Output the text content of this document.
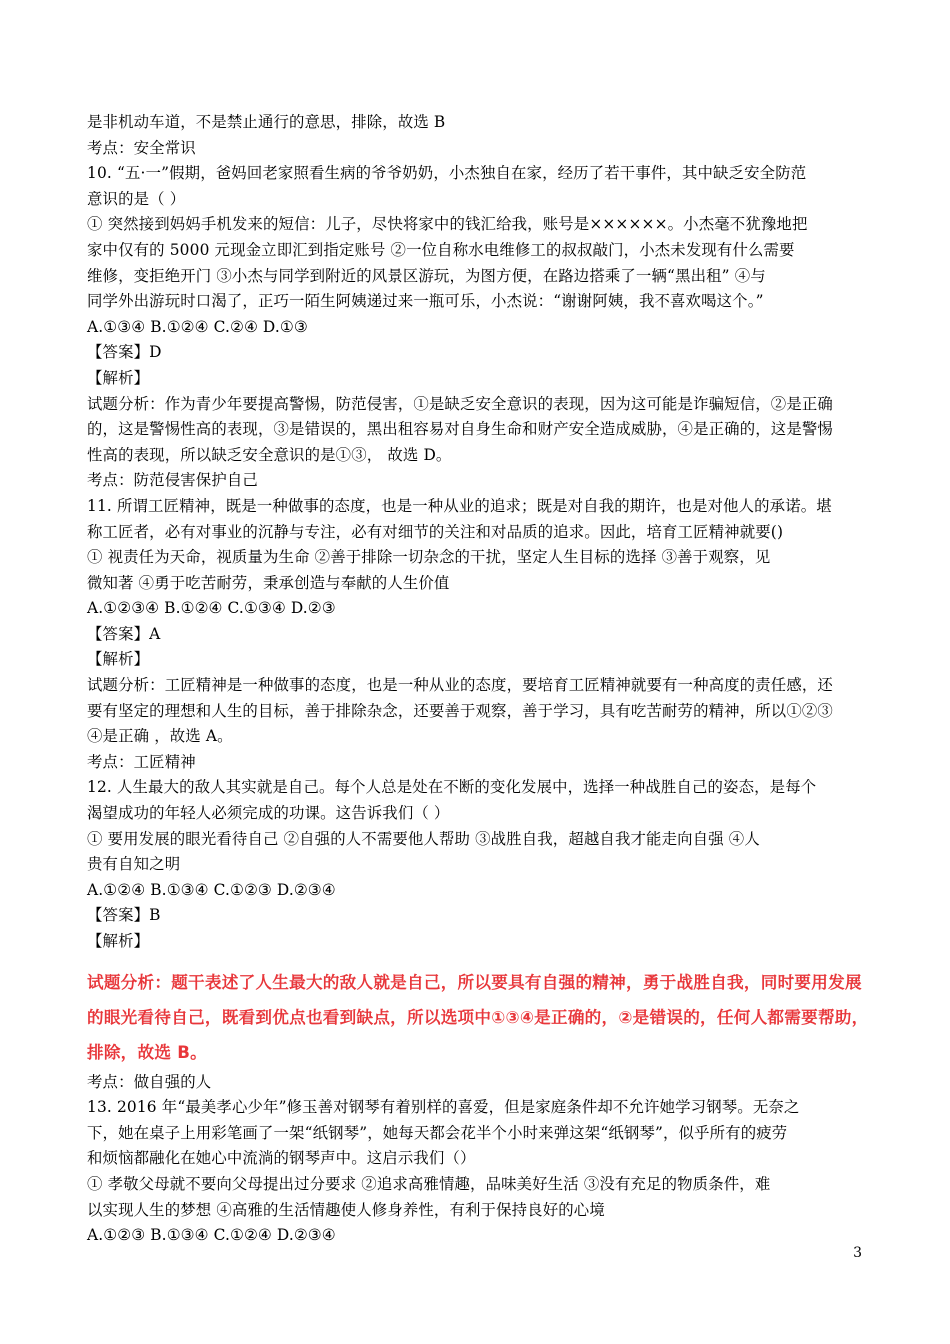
是非机动车道，不是禁止通行的意思，排除，故选 B
考点：安全常识
10. “五·一”假期，爸妈回老家照看生病的爷爷奶奶，小杰独自在家，经历了若干事件，其中缺乏安全防范
意识的是（ ）
① 突然接到妈妈手机发来的短信：儿子，尽快将家中的钱汇给我，账号是××××××。小杰毫不犹豫地把
家中仅有的 5000 元现金立即汇到指定账号 ②一位自称水电维修工的叔叔敲门，小杰未发现有什么需要
维修，变拒绝开门 ③小杰与同学到附近的风景区游玩，为图方便，在路边搭乘了一辆“黑出租” ④与
同学外出游玩时口渴了，正巧一陌生阿姨递过来一瓶可乐，小杰说：“谢谢阿姨，我不喜欢喝这个。”
A.①③④ B.①②④ C.②④ D.①③
【答案】D
【解析】
试题分析：作为青少年要提高警惕，防范侵害，①是缺乏安全意识的表现，因为这可能是诈骗短信，②是正确
的，这是警惕性高的表现，③是错误的，黑出租容易对自身生命和财产安全造成威胁，④是正确的，这是警惕
性高的表现，所以缺乏安全意识的是①③， 故选 D。
考点：防范侵害保护自己
11. 所谓工匠精神，既是一种做事的态度，也是一种从业的追求；既是对自我的期许，也是对他人的承诺。堪
称工匠者，必有对事业的沉静与专注，必有对细节的关注和对品质的追求。因此，培育工匠精神就要()
① 视责任为天命，视质量为生命 ②善于排除一切杂念的干扰，坚定人生目标的选择 ③善于观察，见
微知著 ④勇于吃苦耐劳，秉承创造与奉献的人生价值
A.①②③④ B.①②④ C.①③④ D.②③
【答案】A
【解析】
试题分析：工匠精神是一种做事的态度，也是一种从业的态度，要培育工匠精神就要有一种高度的责任感，还
要有坚定的理想和人生的目标，善于排除杂念，还要善于观察，善于学习，具有吃苦耐劳的精神，所以①②③
④是正确 ，故选 A。
考点：工匠精神
12. 人生最大的敌人其实就是自己。每个人总是处在不断的变化发展中，选择一种战胜自己的姿态，是每个
渴望成功的年轻人必须完成的功课。这告诉我们（ ）
① 要用发展的眼光看待自己 ②自强的人不需要他人帮助 ③战胜自我，超越自我才能走向自强 ④人
贵有自知之明
A.①②④ B.①③④ C.①②③ D.②③④
【答案】B
【解析】
试题分析：题干表述了人生最大的敌人就是自己，所以要具有自强的精神，勇于战胜自我，同时要用发展
的眼光看待自己，既看到优点也看到缺点，所以选项中①③④是正确的，②是错误的，任何人都需要帮助，
排除，故选 B。
考点：做自强的人
13. 2016 年“最美孝心少年”修玉善对钢琴有着别样的喜爱，但是家庭条件却不允许她学习钢琴。无奈之
下，她在桌子上用彩笔画了一架“纸钢琴”，她每天都会花半个小时来弹这架“纸钢琴”，似乎所有的疲劳
和烦恼都融化在她心中流淌的钢琴声中。这启示我们（）
① 孝敬父母就不要向父母提出过分要求 ②追求高雅情趣，品味美好生活 ③没有充足的物质条件，难
以实现人生的梦想 ④高雅的生活情趣使人修身养性，有利于保持良好的心境
A.①②③ B.①③④ C.①②④ D.②③④
3
